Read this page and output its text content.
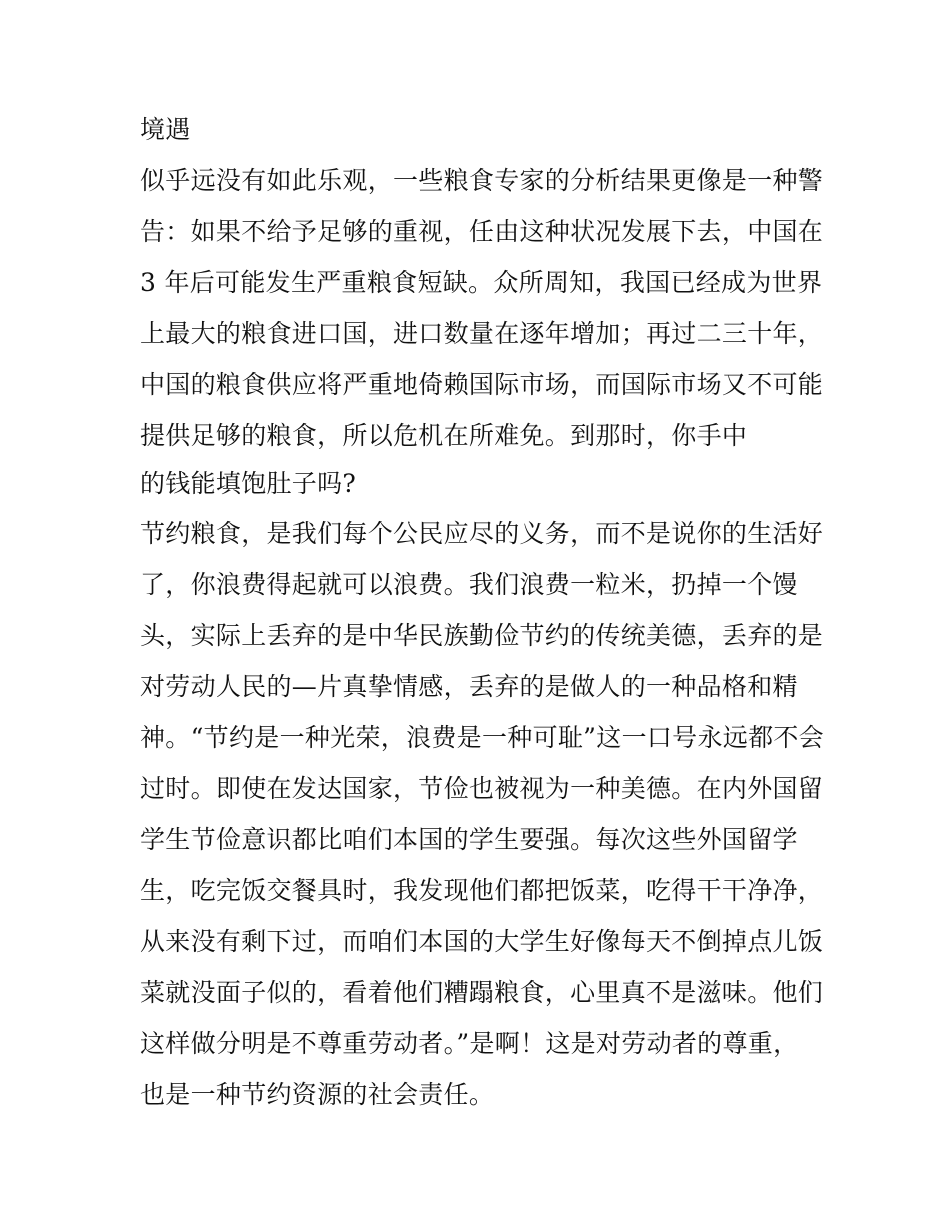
境遇
似乎远没有如此乐观，一些粮食专家的分析结果更像是一种警
告：如果不给予足够的重视，任由这种状况发展下去，中国在
3 年后可能发生严重粮食短缺。众所周知，我国已经成为世界
上最大的粮食进口国，进口数量在逐年增加；再过二三十年，
中国的粮食供应将严重地倚赖国际市场，而国际市场又不可能
提供足够的粮食，所以危机在所难免。到那时，你手中
的钱能填饱肚子吗?
节约粮食，是我们每个公民应尽的义务，而不是说你的生活好
了，你浪费得起就可以浪费。我们浪费一粒米，扔掉一个馒
头，实际上丢弃的是中华民族勤俭节约的传统美德，丢弃的是
对劳动人民的—片真挚情感，丢弃的是做人的一种品格和精
神。“节约是一种光荣，浪费是一种可耻”这一口号永远都不会
过时。即使在发达国家，节俭也被视为一种美德。在内外国留
学生节俭意识都比咱们本国的学生要强。每次这些外国留学
生，吃完饭交餐具时，我发现他们都把饭菜，吃得干干净净，
从来没有剩下过，而咱们本国的大学生好像每天不倒掉点儿饭
菜就没面子似的，看着他们糟蹋粮食，心里真不是滋味。他们
这样做分明是不尊重劳动者。”是啊！这是对劳动者的尊重，
也是一种节约资源的社会责任。
